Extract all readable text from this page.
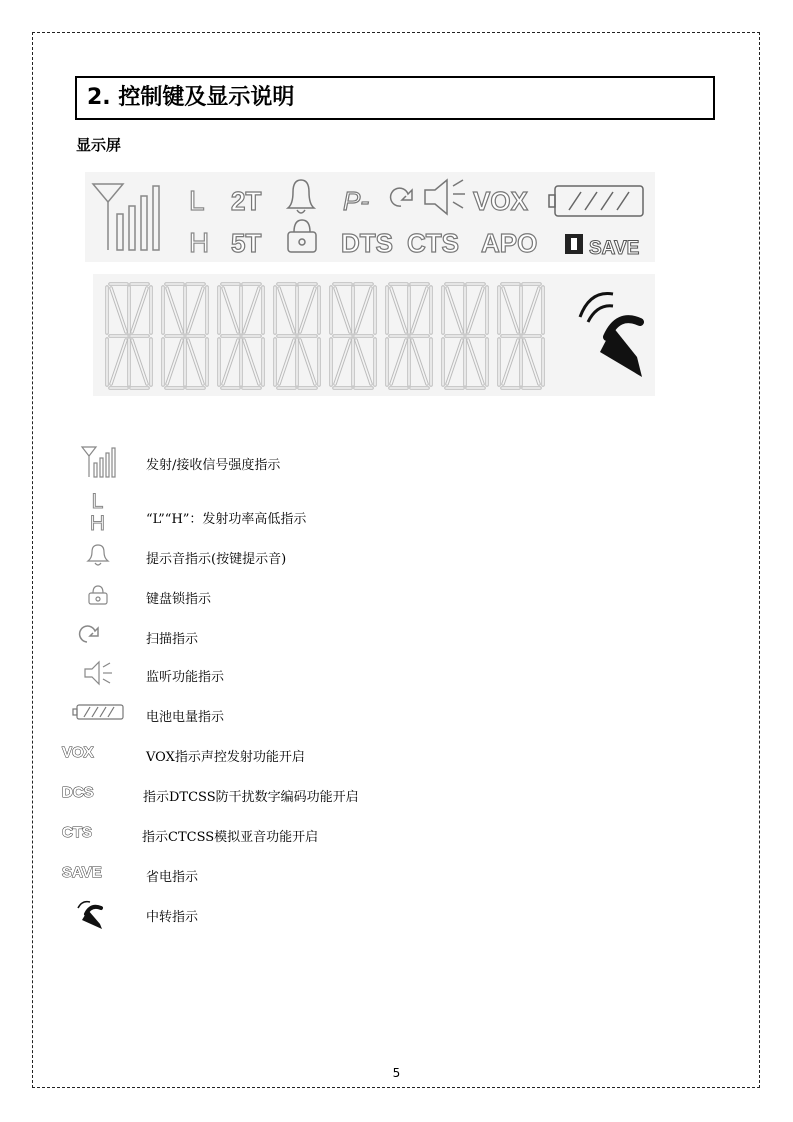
2. 控制键及显示说明
显示屏
L
H
2T
5T
P-	VOX
DTS CTS APO	SAVE
发射/接收信号强度指示
L
H	“L”“H”：发射功率高低指示
提示音指示(按键提示音)
键盘锁指示
扫描指示
监听功能指示
电池电量指示
VOX	VOX指示声控发射功能开启
DCS	指示DTCSS防干扰数字编码功能开启
CTS	指示CTCSS模拟亚音功能开启
SAVE	省电指示
中转指示
5
